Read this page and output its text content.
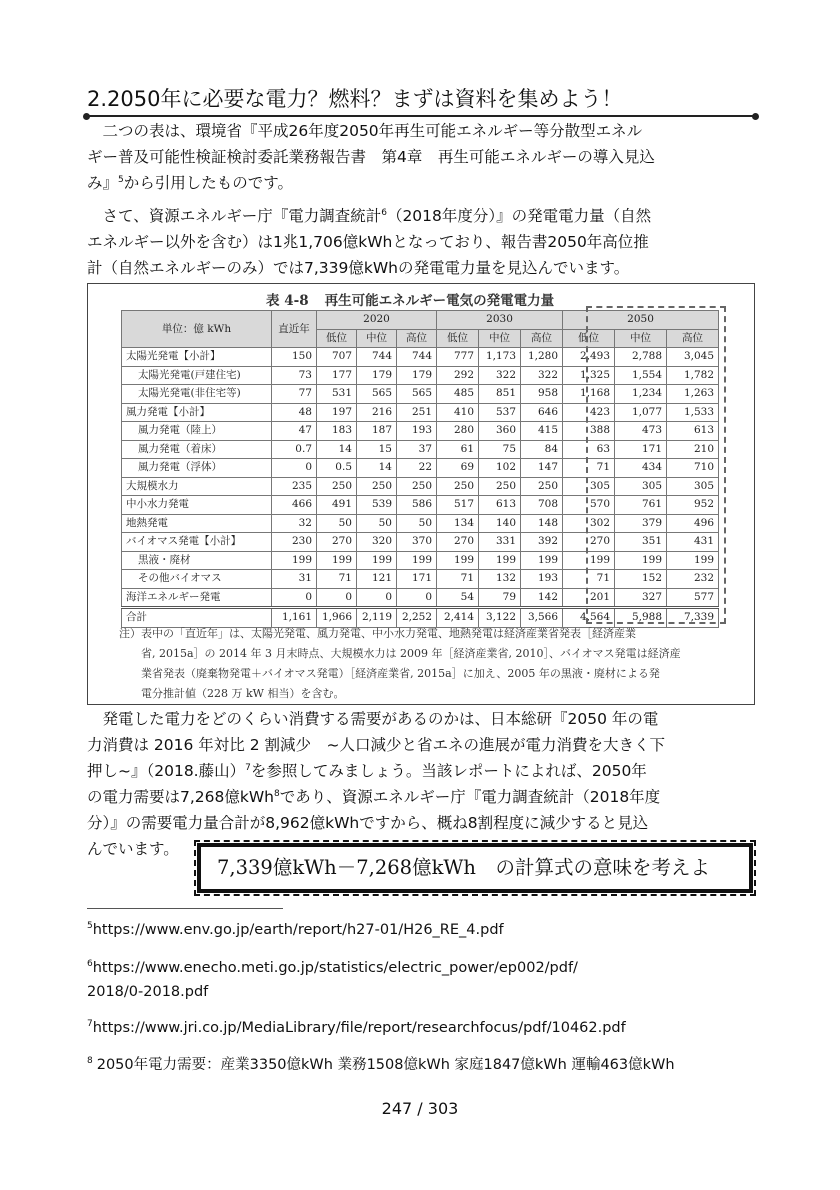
2.2050年に必要な電力？燃料？まずは資料を集めよう！
　二つの表は、環境省『平成26年度2050年再生可能エネルギー等分散型エネル
ギー普及可能性検証検討委託業務報告書　第4章　再生可能エネルギーの導入見込
み』$^5$から引用したものです。
　さて、資源エネルギー庁『電力調査統計$^6$（2018年度分）』の発電電力量（自然
エネルギー以外を含む）は1兆1,706億kWhとなっており、報告書2050年高位推
計（自然エネルギーのみ）では7,339億kWhの発電電力量を見込んでいます。
表 4-8 再生可能エネルギー電気の発電電力量
単位：億 kWh	直近年	2020			2030			2050		
		低位	中位	高位	低位	中位	高位	低位	中位	高位
太陽光発電【小計】	150	707	744	744	777	1,173	1,280	2,493	2,788	3,045
太陽光発電(戸建住宅)	73	177	179	179	292	322	322	1,325	1,554	1,782
太陽光発電(非住宅等)	77	531	565	565	485	851	958	1,168	1,234	1,263
風力発電【小計】	48	197	216	251	410	537	646	423	1,077	1,533
風力発電（陸上）	47	183	187	193	280	360	415	388	473	613
風力発電（着床）	0.7	14	15	37	61	75	84	63	171	210
風力発電（浮体）	0	0.5	14	22	69	102	147	71	434	710
大規模水力	235	250	250	250	250	250	250	305	305	305
中小水力発電	466	491	539	586	517	613	708	570	761	952
地熱発電	32	50	50	50	134	140	148	302	379	496
バイオマス発電【小計】	230	270	320	370	270	331	392	270	351	431
黒液・廃材	199	199	199	199	199	199	199	199	199	199
その他バイオマス	31	71	121	171	71	132	193	71	152	232
海洋エネルギー発電	0	0	0	0	54	79	142	201	327	577
合計	1,161	1,966	2,119	2,252	2,414	3,122	3,566	4,564	5,988	7,339
注）表中の「直近年」は、太陽光発電、風力発電、中小水力発電、地熱発電は経済産業省発表［経済産業
　　省, 2015a］の 2014 年 3 月末時点、大規模水力は 2009 年［経済産業省, 2010］、バイオマス発電は経済産
　　業省発表（廃棄物発電＋バイオマス発電）［経済産業省, 2015a］に加え、2005 年の黒液・廃材による発
　　電分推計値（228 万 kW 相当）を含む。
　発電した電力をどのくらい消費する需要があるのかは、日本総研『2050 年の電
力消費は 2016 年対比 2 割減少　~人口減少と省エネの進展が電力消費を大きく下
押し~』（2018.藤山）$^7$を参照してみましょう。当該レポートによれば、2050年
の電力需要は7,268億kWh$^8$であり、資源エネルギー庁『電力調査統計（2018年度
分）』の需要電力量合計が8,962億kWhですから、概ね8割程度に減少すると見込
んでいます。
7,339億kWh－7,268億kWh　の計算式の意味を考えよ
$^5$https://www.env.go.jp/earth/report/h27-01/H26_RE_4.pdf
$^6$https://www.enecho.meti.go.jp/statistics/electric_power/ep002/pdf/
2018/0-2018.pdf
$^7$https://www.jri.co.jp/MediaLibrary/file/report/researchfocus/pdf/10462.pdf
$^8$ 2050年電力需要：産業3350億kWh 業務1508億kWh 家庭1847億kWh 運輸463億kWh
247 / 303
